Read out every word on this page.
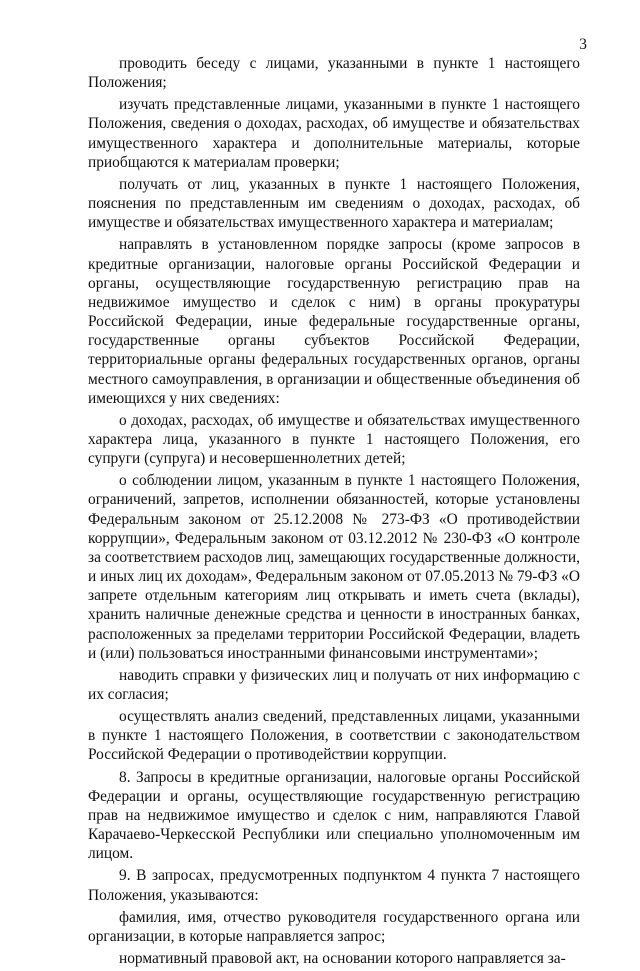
3

проводить беседу с лицами, указанными в пункте 1 настоящего Положения;

изучать представленные лицами, указанными в пункте 1 настоящего Положения, сведения о доходах, расходах, об имуществе и обязательствах имущественного характера и дополнительные материалы, которые приобщаются к материалам проверки;

получать от лиц, указанных в пункте 1 настоящего Положения, пояснения по представленным им сведениям о доходах, расходах, об имуществе и обязательствах имущественного характера и материалам;

направлять в установленном порядке запросы (кроме запросов в кредитные организации, налоговые органы Российской Федерации и органы, осуществляющие государственную регистрацию прав на недвижимое имущество и сделок с ним) в органы прокуратуры Российской Федерации, иные федеральные государственные органы, государственные органы субъектов Российской Федерации, территориальные органы федеральных государственных органов, органы местного самоуправления, в организации и общественные объединения об имеющихся у них сведениях:

о доходах, расходах, об имуществе и обязательствах имущественного характера лица, указанного в пункте 1 настоящего Положения, его супруги (супруга) и несовершеннолетних детей;

о соблюдении лицом, указанным в пункте 1 настоящего Положения, ограничений, запретов, исполнении обязанностей, которые установлены Федеральным законом от 25.12.2008 № 273-ФЗ «О противодействии коррупции», Федеральным законом от 03.12.2012 № 230-ФЗ «О контроле за соответствием расходов лиц, замещающих государственные должности, и иных лиц их доходам», Федеральным законом от 07.05.2013 № 79-ФЗ «О запрете отдельным категориям лиц открывать и иметь счета (вклады), хранить наличные денежные средства и ценности в иностранных банках, расположенных за пределами территории Российской Федерации, владеть и (или) пользоваться иностранными финансовыми инструментами»;

наводить справки у физических лиц и получать от них информацию с их согласия;

осуществлять анализ сведений, представленных лицами, указанными в пункте 1 настоящего Положения, в соответствии с законодательством Российской Федерации о противодействии коррупции.

8. Запросы в кредитные организации, налоговые органы Российской Федерации и органы, осуществляющие государственную регистрацию прав на недвижимое имущество и сделок с ним, направляются Главой Карачаево-Черкесской Республики или специально уполномоченным им лицом.

9. В запросах, предусмотренных подпунктом 4 пункта 7 настоящего Положения, указываются:

фамилия, имя, отчество руководителя государственного органа или организации, в которые направляется запрос;

нормативный правовой акт, на основании которого направляется за-
